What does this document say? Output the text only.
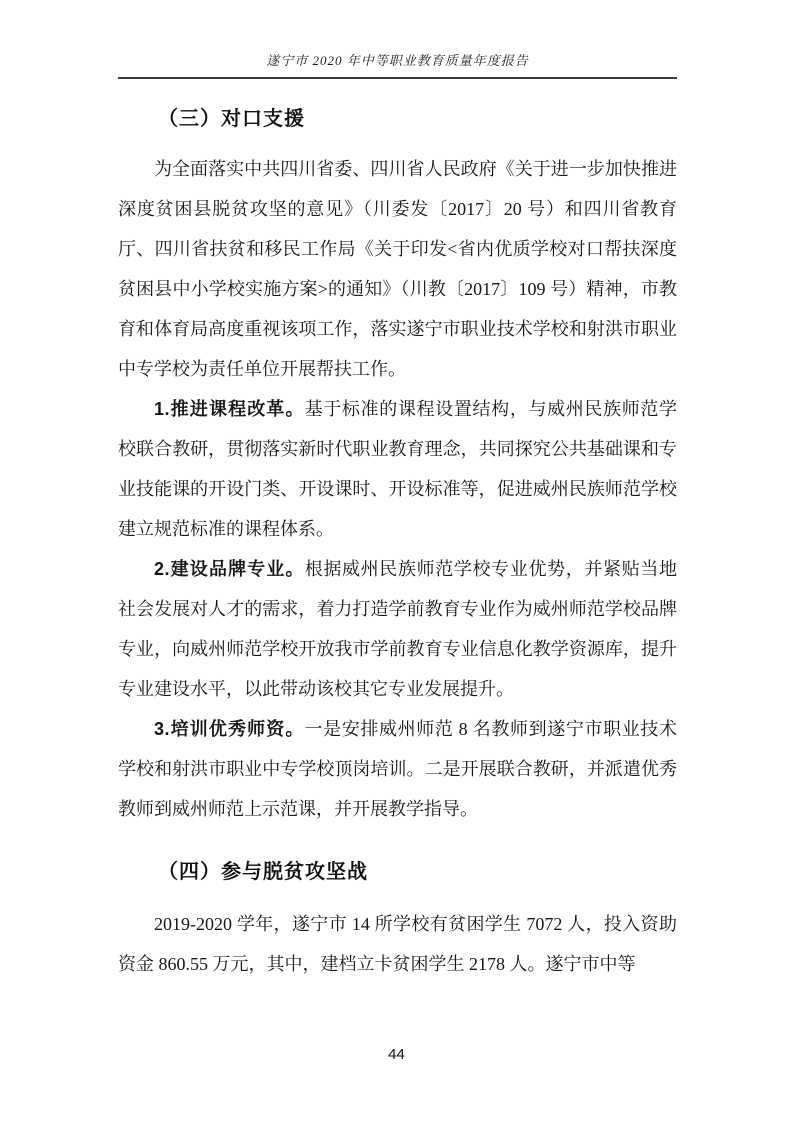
遂宁市 2020 年中等职业教育质量年度报告
（三）对口支援

为全面落实中共四川省委、四川省人民政府《关于进一步加快推进深度贫困县脱贫攻坚的意见》（川委发〔2017〕20 号）和四川省教育厅、四川省扶贫和移民工作局《关于印发<省内优质学校对口帮扶深度贫困县中小学校实施方案>的通知》（川教〔2017〕109 号）精神，市教育和体育局高度重视该项工作，落实遂宁市职业技术学校和射洪市职业中专学校为责任单位开展帮扶工作。

1.推进课程改革。基于标准的课程设置结构，与威州民族师范学校联合教研，贯彻落实新时代职业教育理念，共同探究公共基础课和专业技能课的开设门类、开设课时、开设标准等，促进威州民族师范学校建立规范标准的课程体系。

2.建设品牌专业。根据威州民族师范学校专业优势，并紧贴当地社会发展对人才的需求，着力打造学前教育专业作为威州师范学校品牌专业，向威州师范学校开放我市学前教育专业信息化教学资源库，提升专业建设水平，以此带动该校其它专业发展提升。

3.培训优秀师资。一是安排威州师范 8 名教师到遂宁市职业技术学校和射洪市职业中专学校顶岗培训。二是开展联合教研，并派遣优秀教师到威州师范上示范课，并开展教学指导。

（四）参与脱贫攻坚战

2019-2020 学年，遂宁市 14 所学校有贫困学生 7072 人，投入资助资金 860.55 万元，其中，建档立卡贫困学生 2178 人。遂宁市中等

44
